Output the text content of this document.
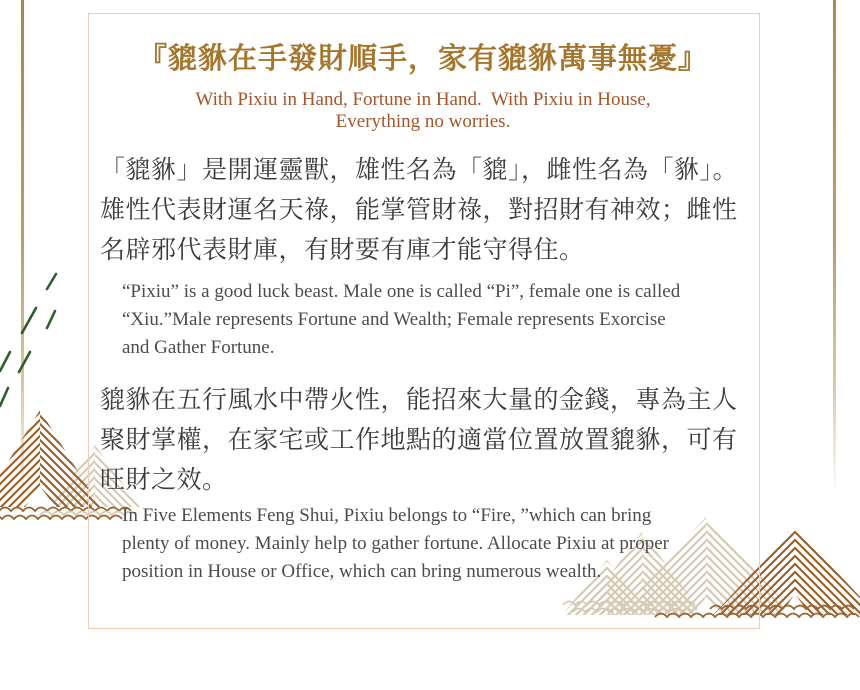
『貔貅在手發財順手，家有貔貅萬事無憂』
With Pixiu in Hand, Fortune in Hand.  With Pixiu in House,
Everything no worries.
「貔貅」是開運靈獸，雄性名為「貔」，雌性名為「貅」。
雄性代表財運名天祿，能掌管財祿，對招財有神效；雌性
名辟邪代表財庫，有財要有庫才能守得住。
“Pixiu” is a good luck beast. Male one is called “Pi”, female one is called
“Xiu.”Male represents Fortune and Wealth; Female represents Exorcise
and Gather Fortune.
貔貅在五行風水中帶火性，能招來大量的金錢，專為主人
聚財掌權，在家宅或工作地點的適當位置放置貔貅，可有
旺財之效。
In Five Elements Feng Shui, Pixiu belongs to “Fire, ”which can bring
plenty of money. Mainly help to gather fortune. Allocate Pixiu at proper
position in House or Office, which can bring numerous wealth.
